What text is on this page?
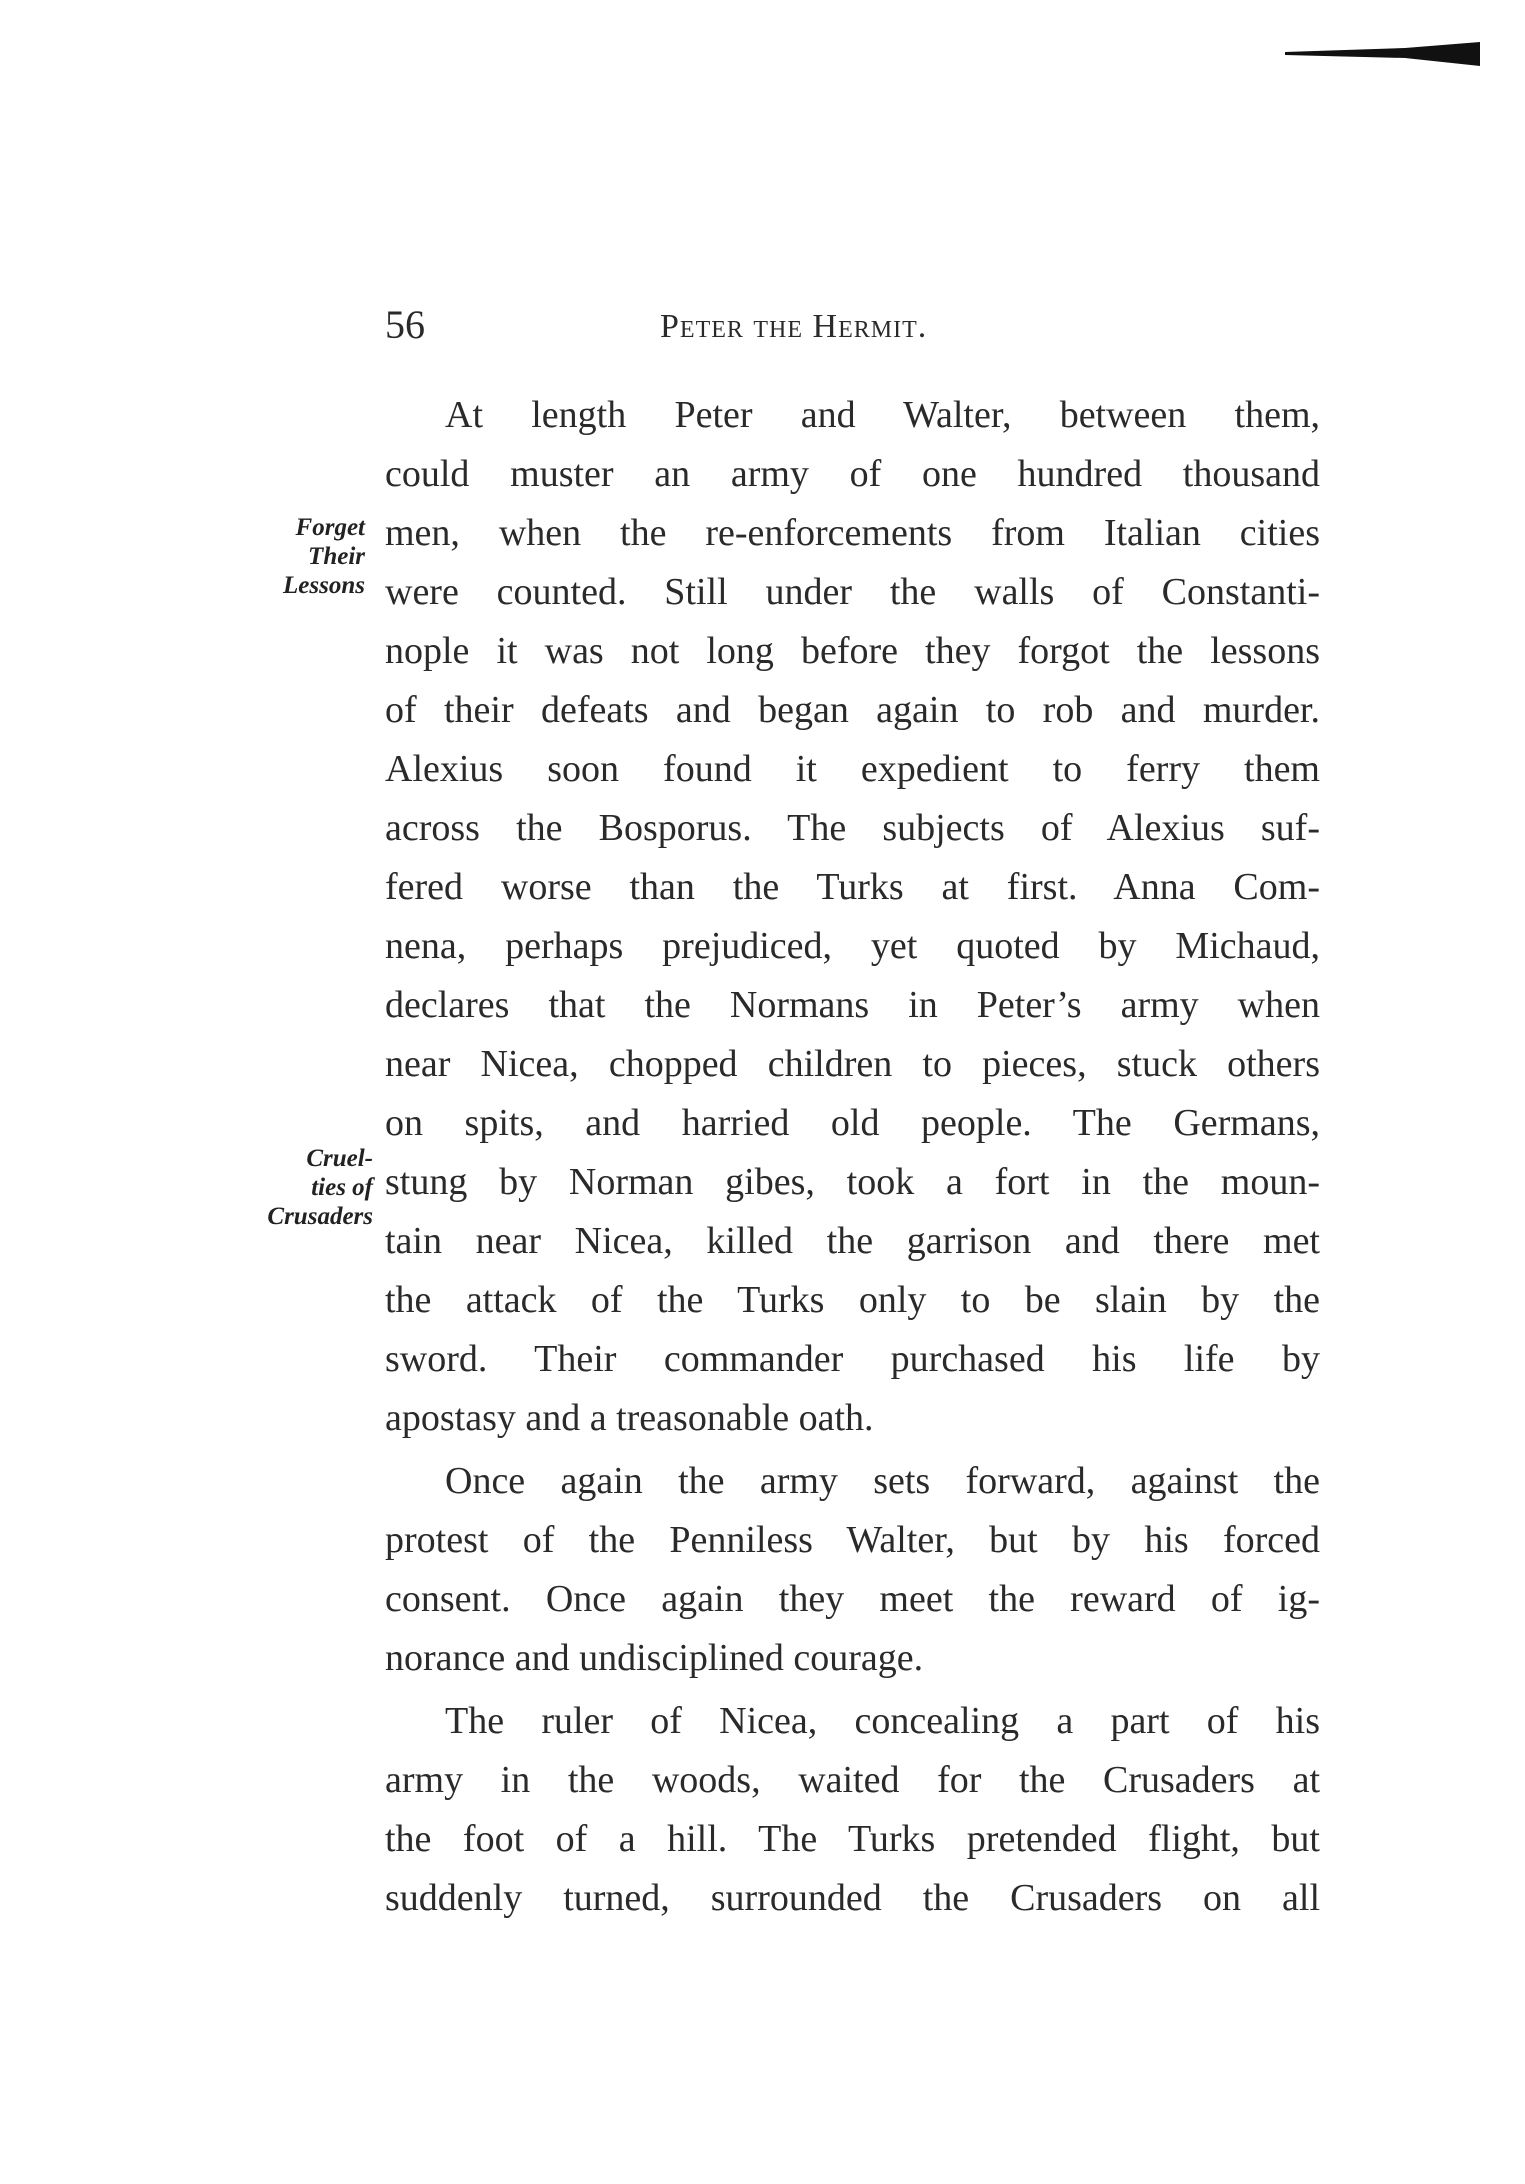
56	Peter the Hermit.
Forget
Their
Lessons
Cruel-
ties of
Crusaders
At length Peter and Walter, between them,
could muster an army of one hundred thousand
men, when the re-enforcements from Italian cities
were counted. Still under the walls of Constanti-
nople it was not long before they forgot the lessons
of their defeats and began again to rob and murder.
Alexius soon found it expedient to ferry them
across the Bosporus. The subjects of Alexius suf-
fered worse than the Turks at first. Anna Com-
nena, perhaps prejudiced, yet quoted by Michaud,
declares that the Normans in Peter’s army when
near Nicea, chopped children to pieces, stuck others
on spits, and harried old people. The Germans,
stung by Norman gibes, took a fort in the moun-
tain near Nicea, killed the garrison and there met
the attack of the Turks only to be slain by the
sword. Their commander purchased his life by
apostasy and a treasonable oath.
Once again the army sets forward, against the
protest of the Penniless Walter, but by his forced
consent. Once again they meet the reward of ig-
norance and undisciplined courage.
The ruler of Nicea, concealing a part of his
army in the woods, waited for the Crusaders at
the foot of a hill. The Turks pretended flight, but
suddenly turned, surrounded the Crusaders on all
